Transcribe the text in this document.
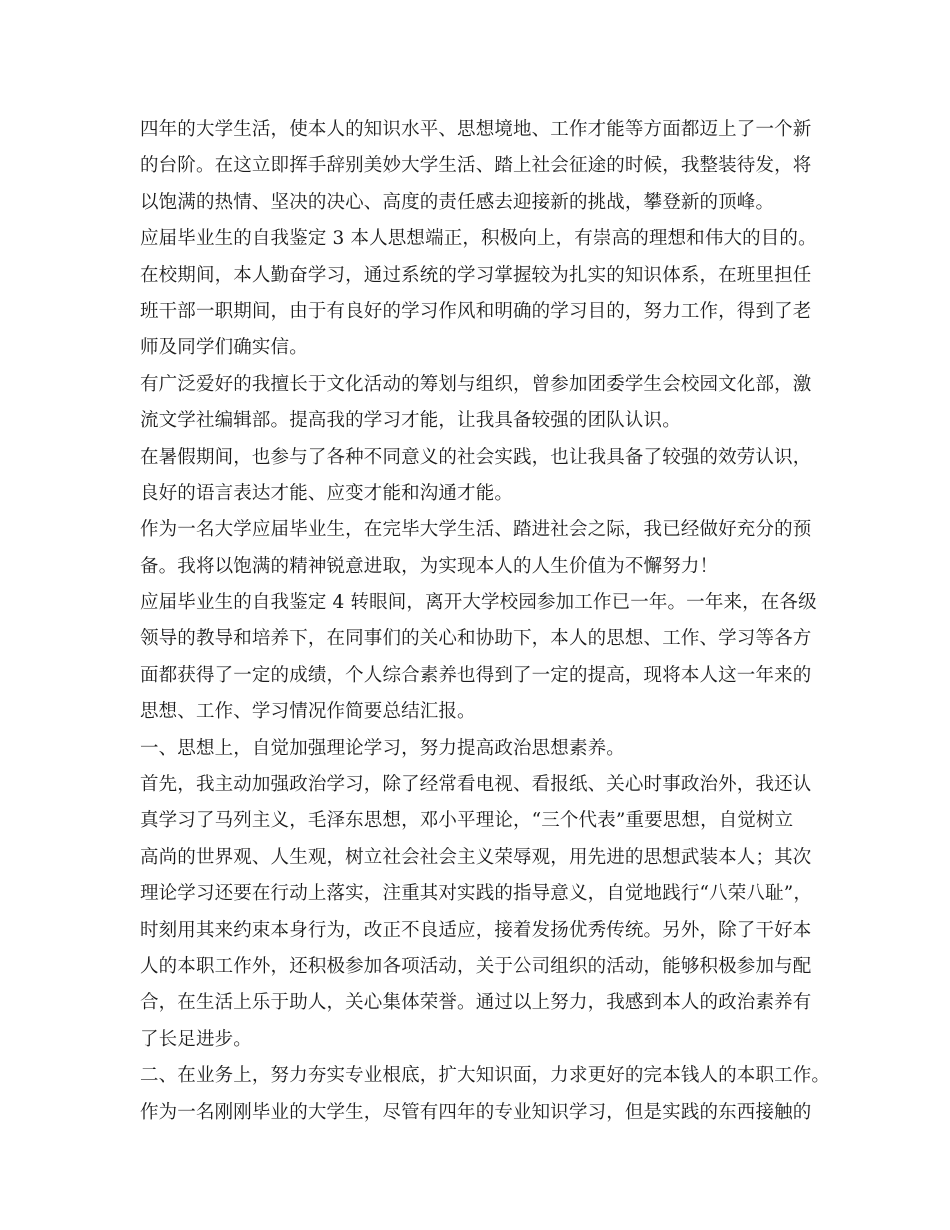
四年的大学生活，使本人的知识水平、思想境地、工作才能等方面都迈上了一个新
的台阶。在这立即挥手辞别美妙大学生活、踏上社会征途的时候，我整装待发，将
以饱满的热情、坚决的决心、高度的责任感去迎接新的挑战，攀登新的顶峰。
应届毕业生的自我鉴定 3 本人思想端正，积极向上，有崇高的理想和伟大的目的。
在校期间，本人勤奋学习，通过系统的学习掌握较为扎实的知识体系，在班里担任
班干部一职期间，由于有良好的学习作风和明确的学习目的，努力工作，得到了老
师及同学们确实信。
有广泛爱好的我擅长于文化活动的筹划与组织，曾参加团委学生会校园文化部，激
流文学社编辑部。提高我的学习才能，让我具备较强的团队认识。
在暑假期间，也参与了各种不同意义的社会实践，也让我具备了较强的效劳认识，
良好的语言表达才能、应变才能和沟通才能。
作为一名大学应届毕业生，在完毕大学生活、踏进社会之际，我已经做好充分的预
备。我将以饱满的精神锐意进取，为实现本人的人生价值为不懈努力！
应届毕业生的自我鉴定 4 转眼间，离开大学校园参加工作已一年。一年来，在各级
领导的教导和培养下，在同事们的关心和协助下，本人的思想、工作、学习等各方
面都获得了一定的成绩，个人综合素养也得到了一定的提高，现将本人这一年来的
思想、工作、学习情况作简要总结汇报。
一、思想上，自觉加强理论学习，努力提高政治思想素养。
首先，我主动加强政治学习，除了经常看电视、看报纸、关心时事政治外，我还认
真学习了马列主义，毛泽东思想，邓小平理论，“三个代表”重要思想，自觉树立
高尚的世界观、人生观，树立社会社会主义荣辱观，用先进的思想武装本人；其次
理论学习还要在行动上落实，注重其对实践的指导意义，自觉地践行“八荣八耻”，
时刻用其来约束本身行为，改正不良适应，接着发扬优秀传统。另外，除了干好本
人的本职工作外，还积极参加各项活动，关于公司组织的活动，能够积极参加与配
合，在生活上乐于助人，关心集体荣誉。通过以上努力，我感到本人的政治素养有
了长足进步。
二、在业务上，努力夯实专业根底，扩大知识面，力求更好的完本钱人的本职工作。
作为一名刚刚毕业的大学生，尽管有四年的专业知识学习，但是实践的东西接触的
